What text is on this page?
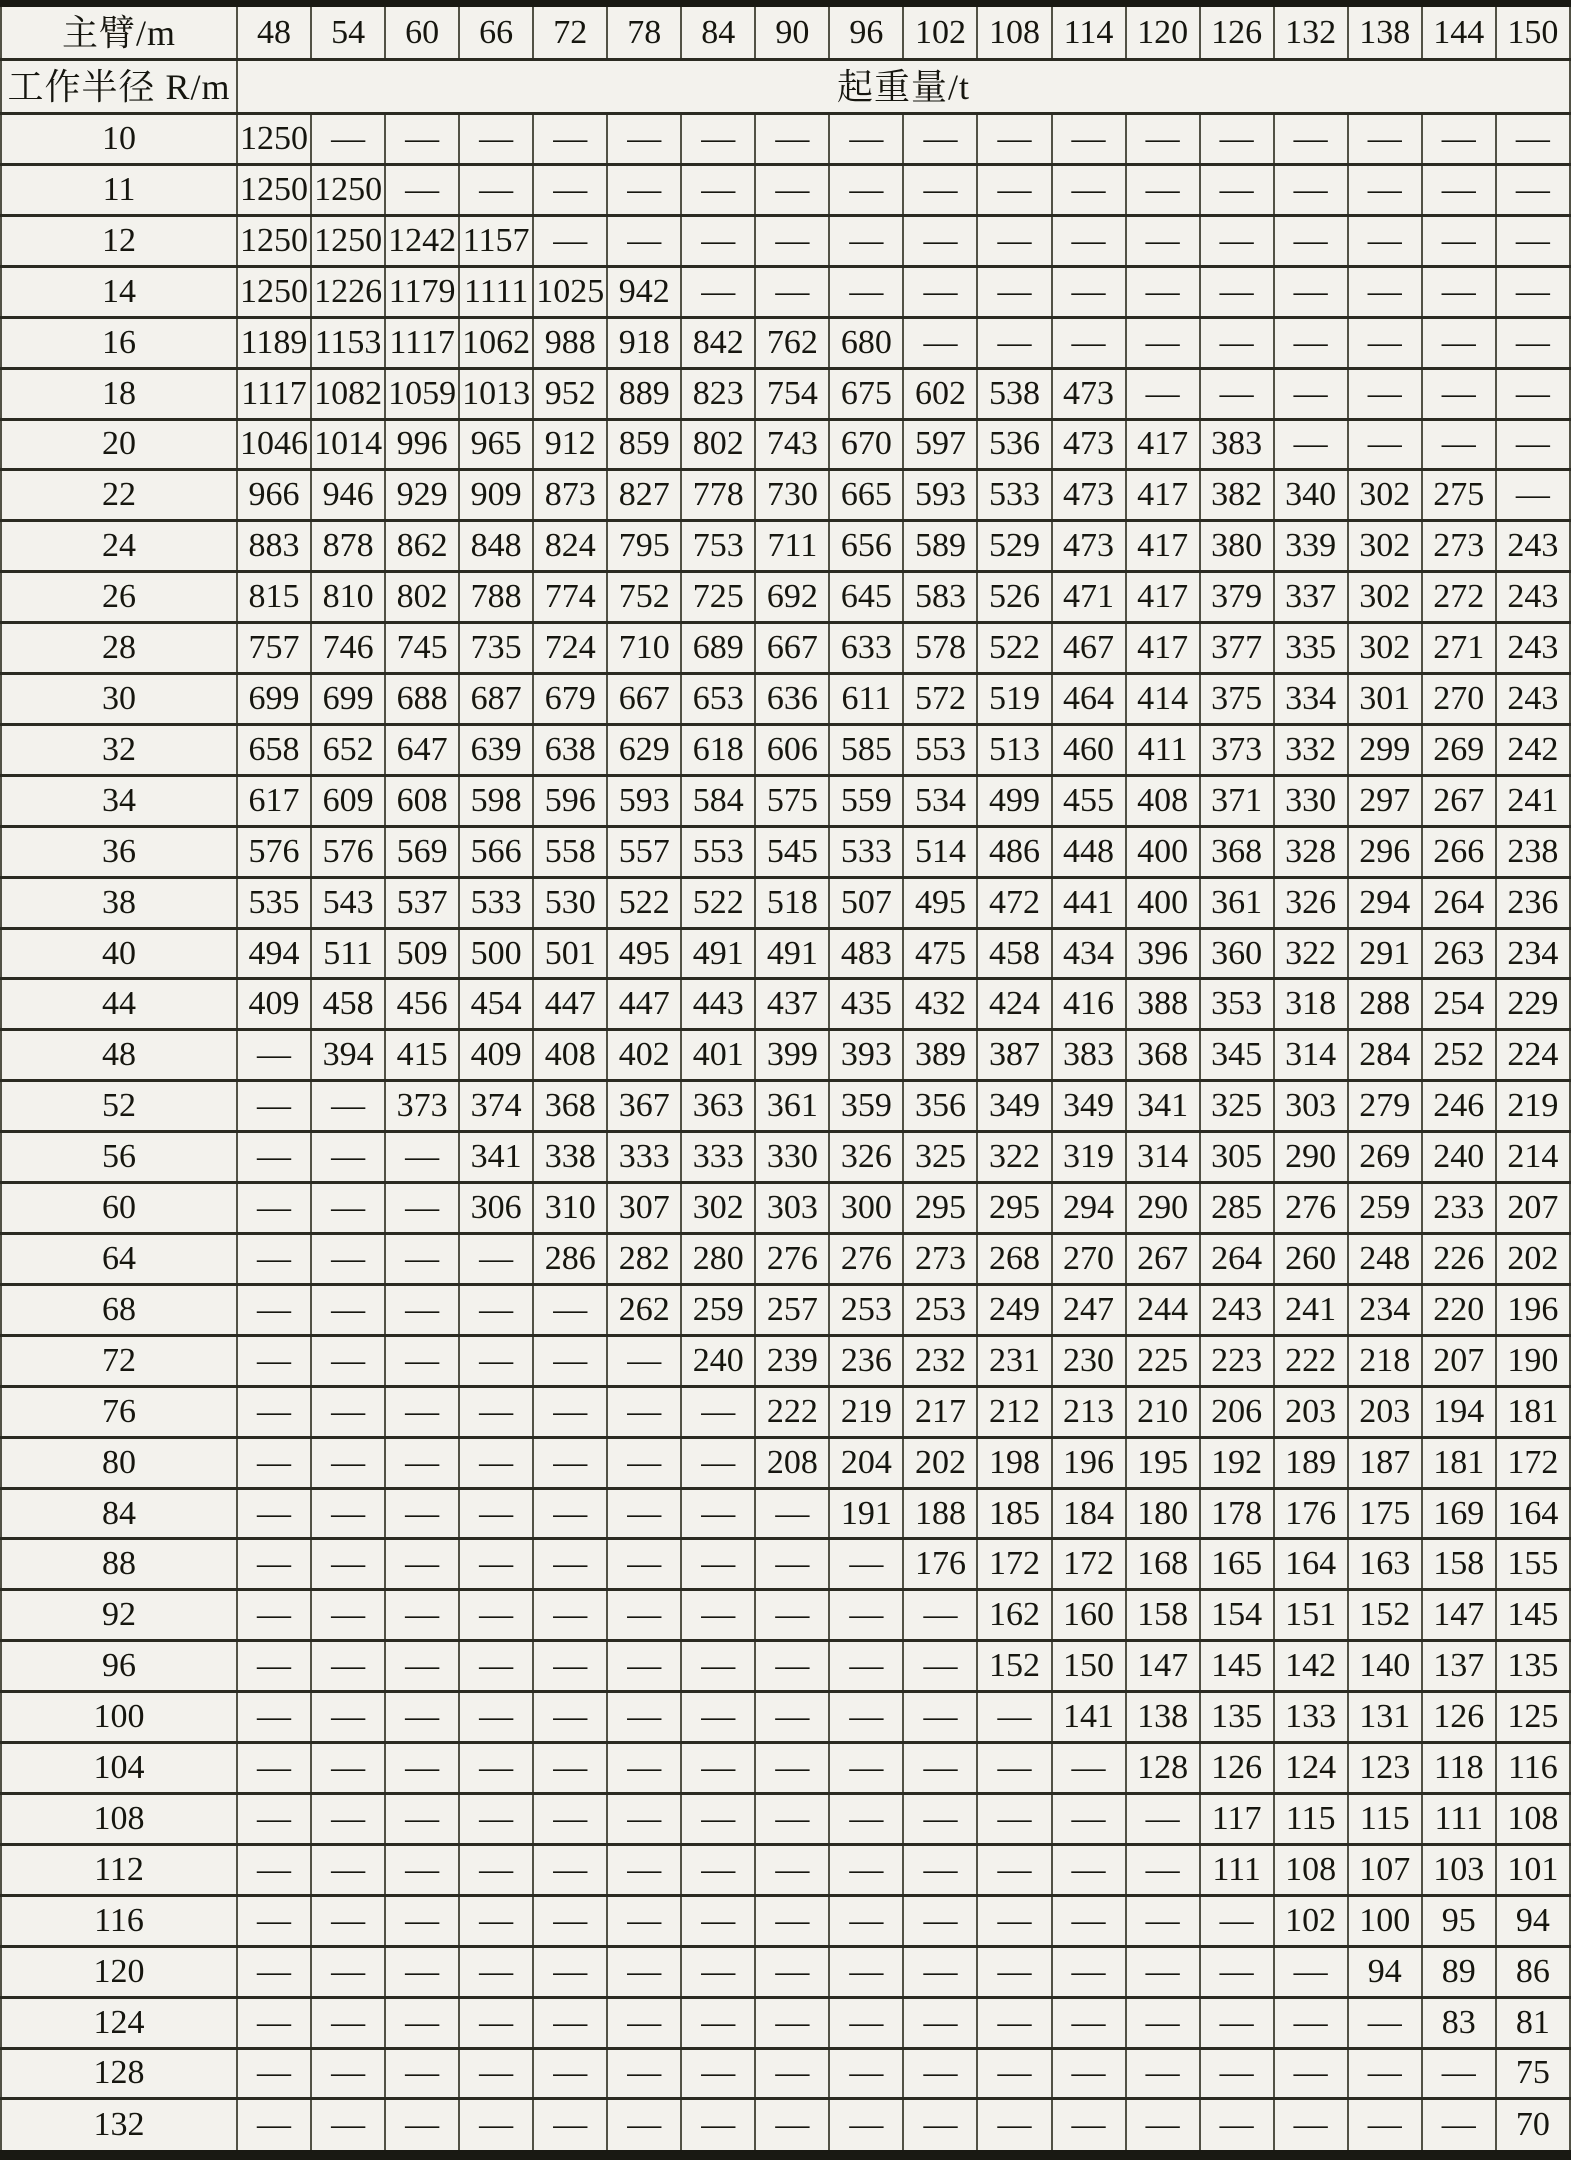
主臂/m	48	54	60	66	72	78	84	90	96	102	108	114	120	126	132	138	144	150
工作半径 R/m	起重量/t																	
10	1250	—	—	—	—	—	—	—	—	—	—	—	—	—	—	—	—	—
11	1250	1250	—	—	—	—	—	—	—	—	—	—	—	—	—	—	—	—
12	1250	1250	1242	1157	—	—	—	—	—	—	—	—	—	—	—	—	—	—
14	1250	1226	1179	1111	1025	942	—	—	—	—	—	—	—	—	—	—	—	—
16	1189	1153	1117	1062	988	918	842	762	680	—	—	—	—	—	—	—	—	—
18	1117	1082	1059	1013	952	889	823	754	675	602	538	473	—	—	—	—	—	—
20	1046	1014	996	965	912	859	802	743	670	597	536	473	417	383	—	—	—	—
22	966	946	929	909	873	827	778	730	665	593	533	473	417	382	340	302	275	—
24	883	878	862	848	824	795	753	711	656	589	529	473	417	380	339	302	273	243
26	815	810	802	788	774	752	725	692	645	583	526	471	417	379	337	302	272	243
28	757	746	745	735	724	710	689	667	633	578	522	467	417	377	335	302	271	243
30	699	699	688	687	679	667	653	636	611	572	519	464	414	375	334	301	270	243
32	658	652	647	639	638	629	618	606	585	553	513	460	411	373	332	299	269	242
34	617	609	608	598	596	593	584	575	559	534	499	455	408	371	330	297	267	241
36	576	576	569	566	558	557	553	545	533	514	486	448	400	368	328	296	266	238
38	535	543	537	533	530	522	522	518	507	495	472	441	400	361	326	294	264	236
40	494	511	509	500	501	495	491	491	483	475	458	434	396	360	322	291	263	234
44	409	458	456	454	447	447	443	437	435	432	424	416	388	353	318	288	254	229
48	—	394	415	409	408	402	401	399	393	389	387	383	368	345	314	284	252	224
52	—	—	373	374	368	367	363	361	359	356	349	349	341	325	303	279	246	219
56	—	—	—	341	338	333	333	330	326	325	322	319	314	305	290	269	240	214
60	—	—	—	306	310	307	302	303	300	295	295	294	290	285	276	259	233	207
64	—	—	—	—	286	282	280	276	276	273	268	270	267	264	260	248	226	202
68	—	—	—	—	—	262	259	257	253	253	249	247	244	243	241	234	220	196
72	—	—	—	—	—	—	240	239	236	232	231	230	225	223	222	218	207	190
76	—	—	—	—	—	—	—	222	219	217	212	213	210	206	203	203	194	181
80	—	—	—	—	—	—	—	208	204	202	198	196	195	192	189	187	181	172
84	—	—	—	—	—	—	—	—	191	188	185	184	180	178	176	175	169	164
88	—	—	—	—	—	—	—	—	—	176	172	172	168	165	164	163	158	155
92	—	—	—	—	—	—	—	—	—	—	162	160	158	154	151	152	147	145
96	—	—	—	—	—	—	—	—	—	—	152	150	147	145	142	140	137	135
100	—	—	—	—	—	—	—	—	—	—	—	141	138	135	133	131	126	125
104	—	—	—	—	—	—	—	—	—	—	—	—	128	126	124	123	118	116
108	—	—	—	—	—	—	—	—	—	—	—	—	—	117	115	115	111	108
112	—	—	—	—	—	—	—	—	—	—	—	—	—	111	108	107	103	101
116	—	—	—	—	—	—	—	—	—	—	—	—	—	—	102	100	95	94
120	—	—	—	—	—	—	—	—	—	—	—	—	—	—	—	94	89	86
124	—	—	—	—	—	—	—	—	—	—	—	—	—	—	—	—	83	81
128	—	—	—	—	—	—	—	—	—	—	—	—	—	—	—	—	—	75
132	—	—	—	—	—	—	—	—	—	—	—	—	—	—	—	—	—	70
